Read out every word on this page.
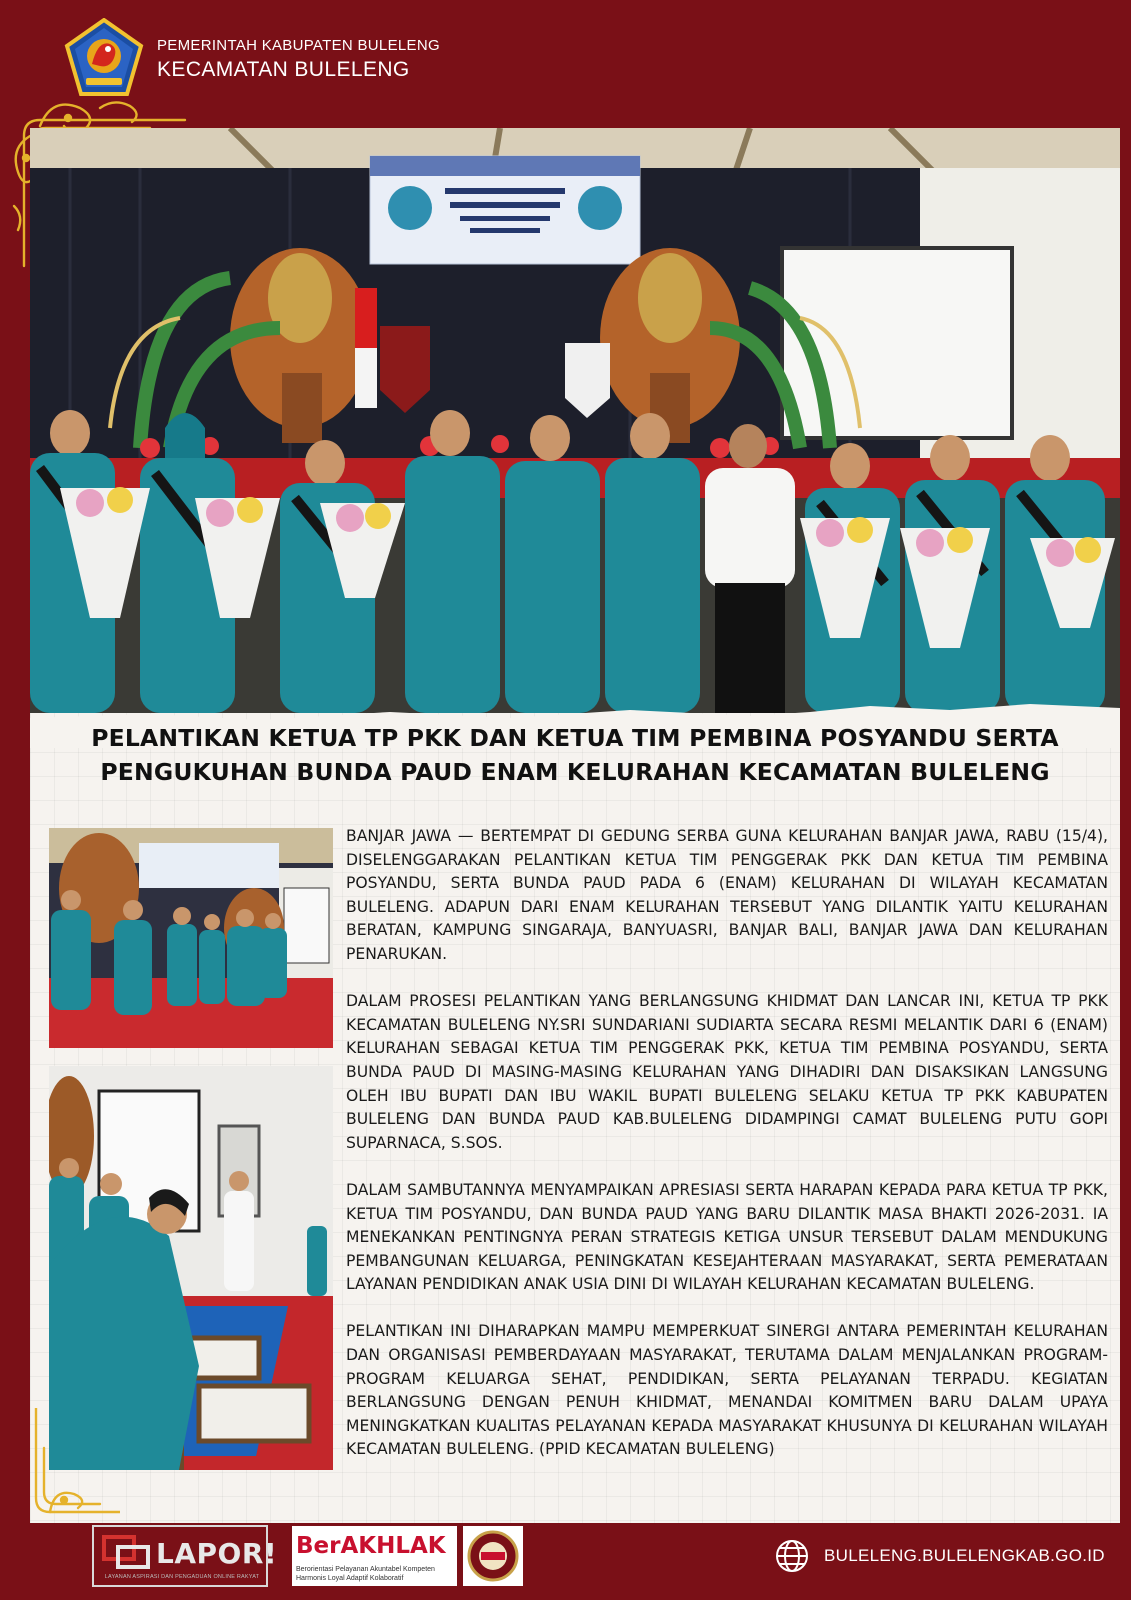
PEMERINTAH KABUPATEN BULELENG
KECAMATAN BULELENG
PELANTIKAN KETUA TP PKK DAN KETUA TIM PEMBINA POSYANDU SERTA
PENGUKUHAN BUNDA PAUD ENAM KELURAHAN KECAMATAN BULELENG

BANJAR JAWA — BERTEMPAT DI GEDUNG SERBA GUNA KELURAHAN BANJAR JAWA, RABU (15/4), DISELENGGARAKAN PELANTIKAN KETUA TIM PENGGERAK PKK DAN KETUA TIM PEMBINA POSYANDU, SERTA BUNDA PAUD PADA 6 (ENAM) KELURAHAN DI WILAYAH KECAMATAN BULELENG. ADAPUN DARI ENAM KELURAHAN TERSEBUT YANG DILANTIK YAITU KELURAHAN BERATAN, KAMPUNG SINGARAJA, BANYUASRI, BANJAR BALI, BANJAR JAWA DAN KELURAHAN PENARUKAN.

DALAM PROSESI PELANTIKAN YANG BERLANGSUNG KHIDMAT DAN LANCAR INI, KETUA TP PKK KECAMATAN BULELENG NY.SRI SUNDARIANI SUDIARTA SECARA RESMI MELANTIK DARI 6 (ENAM) KELURAHAN SEBAGAI KETUA TIM PENGGERAK PKK, KETUA TIM PEMBINA POSYANDU, SERTA BUNDA PAUD DI MASING-MASING KELURAHAN YANG DIHADIRI DAN DISAKSIKAN LANGSUNG OLEH IBU BUPATI DAN IBU WAKIL BUPATI BULELENG SELAKU KETUA TP PKK KABUPATEN BULELENG DAN BUNDA PAUD KAB.BULELENG DIDAMPINGI CAMAT BULELENG PUTU GOPI SUPARNACA, S.SOS.

DALAM SAMBUTANNYA MENYAMPAIKAN APRESIASI SERTA HARAPAN KEPADA PARA KETUA TP PKK, KETUA TIM POSYANDU, DAN BUNDA PAUD YANG BARU DILANTIK MASA BHAKTI 2026-2031. IA MENEKANKAN PENTINGNYA PERAN STRATEGIS KETIGA UNSUR TERSEBUT DALAM MENDUKUNG PEMBANGUNAN KELUARGA, PENINGKATAN KESEJAHTERAAN MASYARAKAT, SERTA PEMERATAAN LAYANAN PENDIDIKAN ANAK USIA DINI DI WILAYAH KELURAHAN KECAMATAN BULELENG.

PELANTIKAN INI DIHARAPKAN MAMPU MEMPERKUAT SINERGI ANTARA PEMERINTAH KELURAHAN DAN ORGANISASI PEMBERDAYAAN MASYARAKAT, TERUTAMA DALAM MENJALANKAN PROGRAM-PROGRAM KELUARGA SEHAT, PENDIDIKAN, SERTA PELAYANAN TERPADU. KEGIATAN BERLANGSUNG DENGAN PENUH KHIDMAT, MENANDAI KOMITMEN BARU DALAM UPAYA MENINGKATKAN KUALITAS PELAYANAN KEPADA MASYARAKAT KHUSUNYA DI KELURAHAN WILAYAH KECAMATAN BULELENG. (PPID KECAMATAN BULELENG)

LAPOR!
LAYANAN ASPIRASI DAN PENGADUAN ONLINE RAKYAT
BerAKHLAK
Berorientasi Pelayanan Akuntabel Kompeten Harmonis Loyal Adaptif Kolaboratif
BULELENG.BULELENGKAB.GO.ID
